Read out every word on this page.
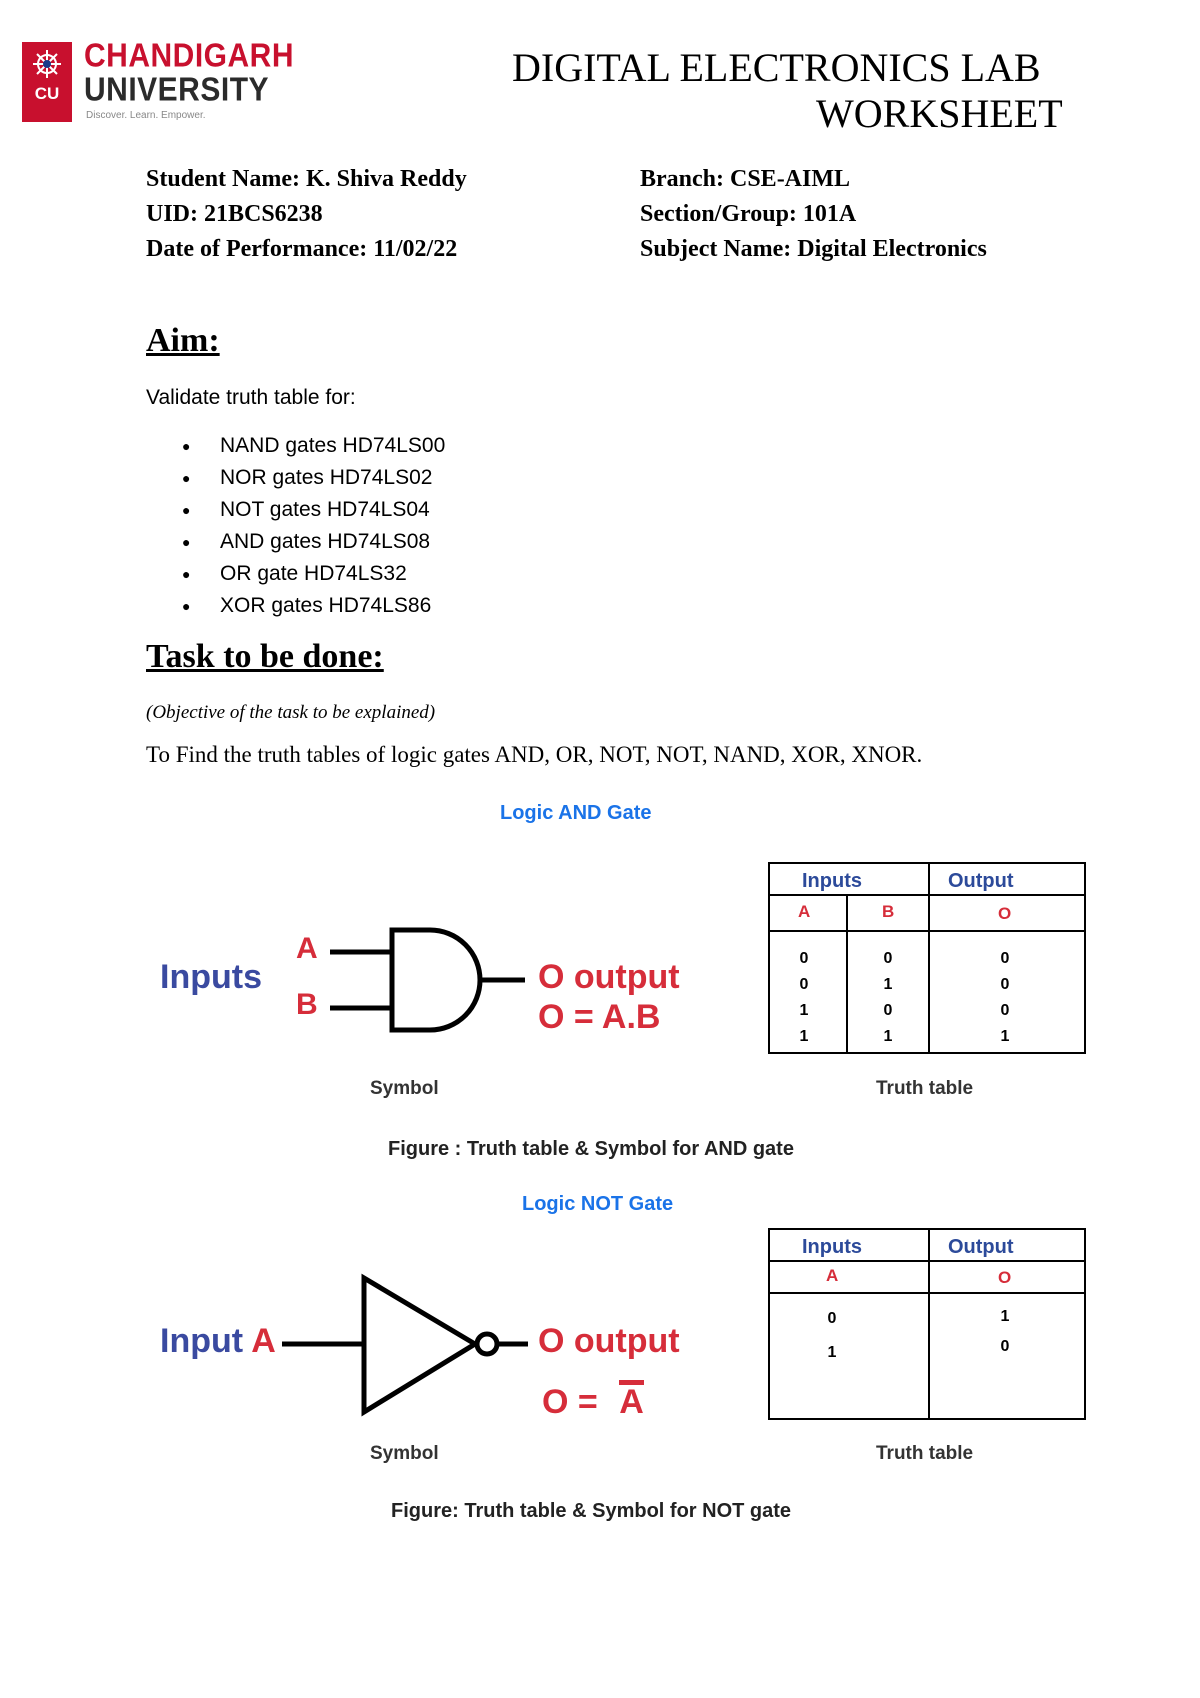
CU
CHANDIGARH
UNIVERSITY
Discover. Learn. Empower.
DIGITAL ELECTRONICS LAB
WORKSHEET
Student Name: K. Shiva Reddy
UID: 21BCS6238
Date of Performance: 11/02/22
Branch: CSE-AIML
Section/Group: 101A
Subject Name: Digital Electronics
Aim:
Validate truth table for:
● NAND gates HD74LS00
● NOR gates HD74LS02
● NOT gates HD74LS04
● AND gates HD74LS08
● OR gate HD74LS32
● XOR gates HD74LS86
Task to be done:
(Objective of the task to be explained)
To Find the truth tables of logic gates AND, OR, NOT, NOT, NAND, XOR, XNOR.
Logic AND Gate
Inputs
A
B
O output
O = A.B
Inputs	Output
A	B	O
0	0	0
0	1	0
1	0	0
1	1	1
Symbol	Truth table
Figure : Truth table & Symbol for AND gate
Logic NOT Gate
Input A	O output
O = A
Inputs	Output
A	O
0	1
1	0
Symbol	Truth table
Figure: Truth table & Symbol for NOT gate
